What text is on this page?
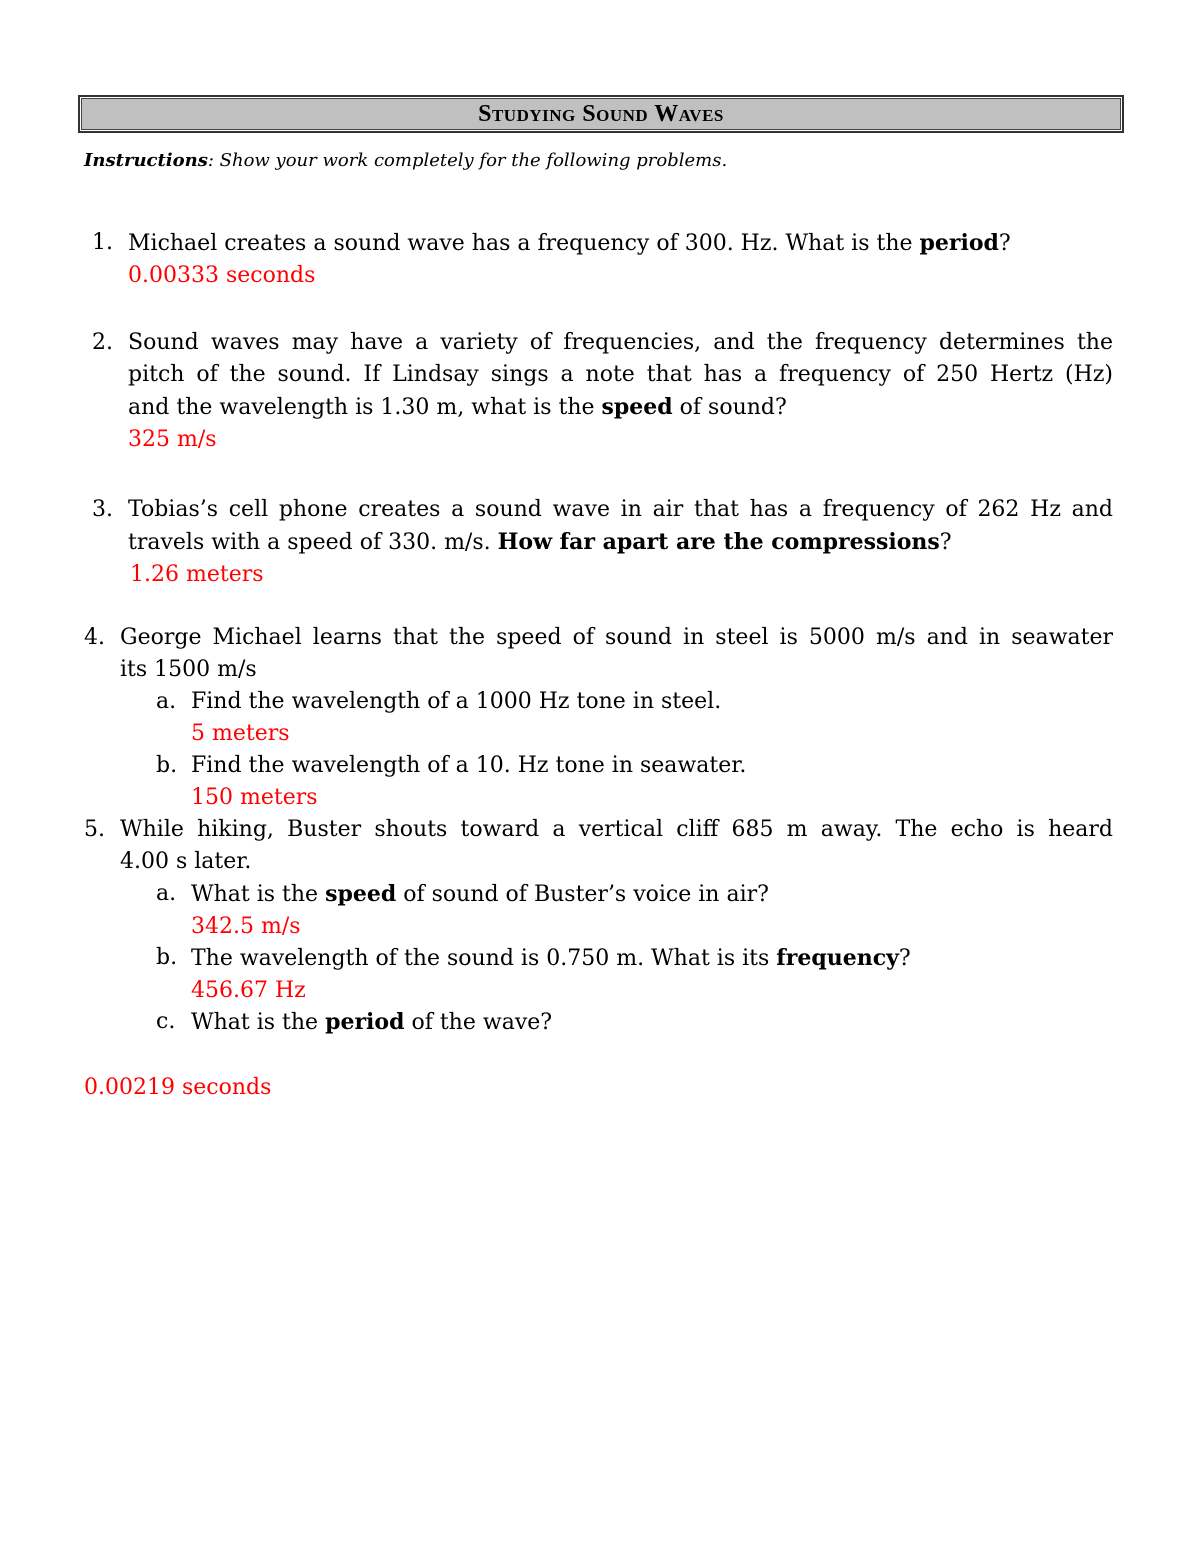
Studying Sound Waves
Instructions: Show your work completely for the following problems.
1. Michael creates a sound wave has a frequency of 300. Hz. What is the period?
0.00333 seconds
2. Sound waves may have a variety of frequencies, and the frequency determines the
pitch of the sound. If Lindsay sings a note that has a frequency of 250 Hertz (Hz)
and the wavelength is 1.30 m, what is the speed of sound?
325 m/s
3. Tobias’s cell phone creates a sound wave in air that has a frequency of 262 Hz and
travels with a speed of 330. m/s. How far apart are the compressions?
1.26 meters
4. George Michael learns that the speed of sound in steel is 5000 m/s and in seawater
its 1500 m/s
a. Find the wavelength of a 1000 Hz tone in steel.
5 meters
b. Find the wavelength of a 10. Hz tone in seawater.
150 meters
5. While hiking, Buster shouts toward a vertical cliff 685 m away. The echo is heard
4.00 s later.
a. What is the speed of sound of Buster’s voice in air?
342.5 m/s
b. The wavelength of the sound is 0.750 m. What is its frequency?
456.67 Hz
c. What is the period of the wave?
0.00219 seconds
